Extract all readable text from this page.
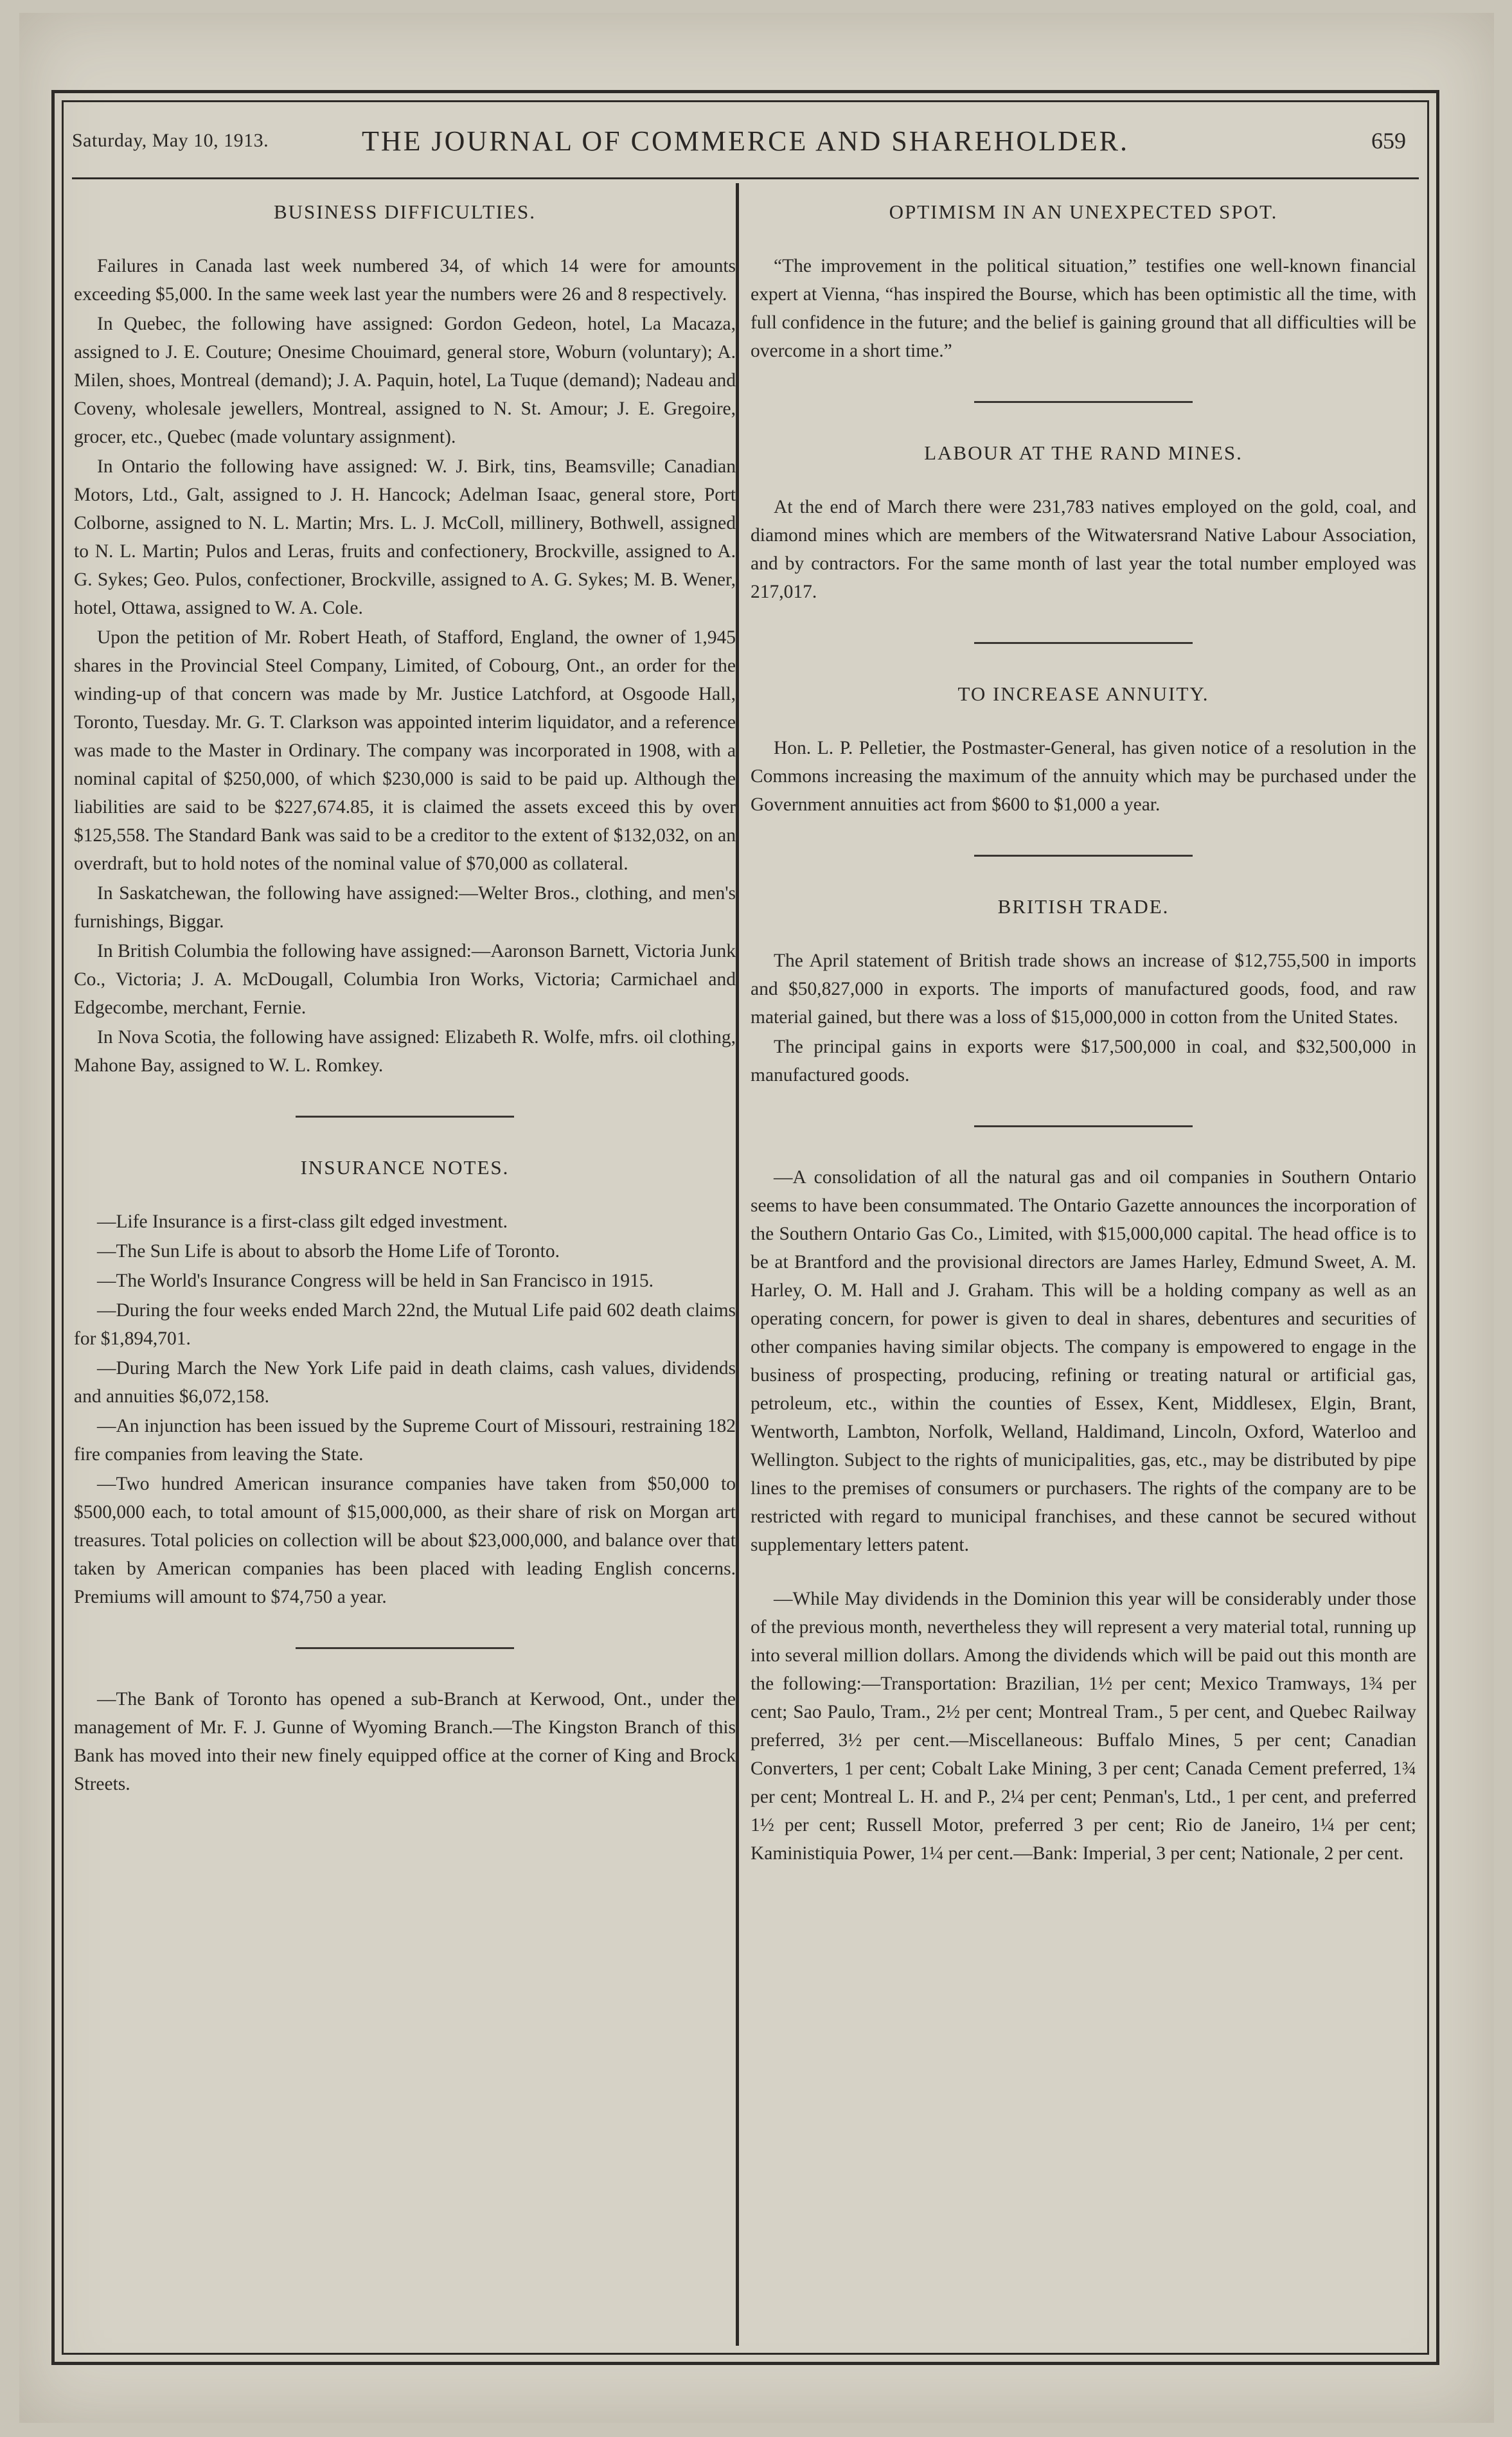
Saturday, May 10, 1913.	THE JOURNAL OF COMMERCE AND SHAREHOLDER.	659
BUSINESS DIFFICULTIES.

Failures in Canada last week numbered 34, of which 14 were for amounts exceeding $5,000. In the same week last year the numbers were 26 and 8 respectively.

In Quebec, the following have assigned: Gordon Gedeon, hotel, La Macaza, assigned to J. E. Couture; Onesime Chouimard, general store, Woburn (voluntary); A. Milen, shoes, Montreal (demand); J. A. Paquin, hotel, La Tuque (demand); Nadeau and Coveny, wholesale jewellers, Montreal, assigned to N. St. Amour; J. E. Gregoire, grocer, etc., Quebec (made voluntary assignment).

In Ontario the following have assigned: W. J. Birk, tins, Beamsville; Canadian Motors, Ltd., Galt, assigned to J. H. Hancock; Adelman Isaac, general store, Port Colborne, assigned to N. L. Martin; Mrs. L. J. McColl, millinery, Bothwell, assigned to N. L. Martin; Pulos and Leras, fruits and confectionery, Brockville, assigned to A. G. Sykes; Geo. Pulos, confectioner, Brockville, assigned to A. G. Sykes; M. B. Wener, hotel, Ottawa, assigned to W. A. Cole.

Upon the petition of Mr. Robert Heath, of Stafford, England, the owner of 1,945 shares in the Provincial Steel Company, Limited, of Cobourg, Ont., an order for the winding-up of that concern was made by Mr. Justice Latchford, at Osgoode Hall, Toronto, Tuesday. Mr. G. T. Clarkson was appointed interim liquidator, and a reference was made to the Master in Ordinary. The company was incorporated in 1908, with a nominal capital of $250,000, of which $230,000 is said to be paid up. Although the liabilities are said to be $227,674.85, it is claimed the assets exceed this by over $125,558. The Standard Bank was said to be a creditor to the extent of $132,032, on an overdraft, but to hold notes of the nominal value of $70,000 as collateral.

In Saskatchewan, the following have assigned:—Welter Bros., clothing, and men's furnishings, Biggar.

In British Columbia the following have assigned:—Aaronson Barnett, Victoria Junk Co., Victoria; J. A. McDougall, Columbia Iron Works, Victoria; Carmichael and Edgecombe, merchant, Fernie.

In Nova Scotia, the following have assigned: Elizabeth R. Wolfe, mfrs. oil clothing, Mahone Bay, assigned to W. L. Romkey.

INSURANCE NOTES.

—Life Insurance is a first-class gilt edged investment.

—The Sun Life is about to absorb the Home Life of Toronto.

—The World's Insurance Congress will be held in San Francisco in 1915.

—During the four weeks ended March 22nd, the Mutual Life paid 602 death claims for $1,894,701.

—During March the New York Life paid in death claims, cash values, dividends and annuities $6,072,158.

—An injunction has been issued by the Supreme Court of Missouri, restraining 182 fire companies from leaving the State.

—Two hundred American insurance companies have taken from $50,000 to $500,000 each, to total amount of $15,000,000, as their share of risk on Morgan art treasures. Total policies on collection will be about $23,000,000, and balance over that taken by American companies has been placed with leading English concerns. Premiums will amount to $74,750 a year.

—The Bank of Toronto has opened a sub-Branch at Kerwood, Ont., under the management of Mr. F. J. Gunne of Wyoming Branch.—The Kingston Branch of this Bank has moved into their new finely equipped office at the corner of King and Brock Streets.

OPTIMISM IN AN UNEXPECTED SPOT.

“The improvement in the political situation,” testifies one well-known financial expert at Vienna, “has inspired the Bourse, which has been optimistic all the time, with full confidence in the future; and the belief is gaining ground that all difficulties will be overcome in a short time.”

LABOUR AT THE RAND MINES.

At the end of March there were 231,783 natives employed on the gold, coal, and diamond mines which are members of the Witwatersrand Native Labour Association, and by contractors. For the same month of last year the total number employed was 217,017.

TO INCREASE ANNUITY.

Hon. L. P. Pelletier, the Postmaster-General, has given notice of a resolution in the Commons increasing the maximum of the annuity which may be purchased under the Government annuities act from $600 to $1,000 a year.

BRITISH TRADE.

The April statement of British trade shows an increase of $12,755,500 in imports and $50,827,000 in exports. The imports of manufactured goods, food, and raw material gained, but there was a loss of $15,000,000 in cotton from the United States.

The principal gains in exports were $17,500,000 in coal, and $32,500,000 in manufactured goods.

—A consolidation of all the natural gas and oil companies in Southern Ontario seems to have been consummated. The Ontario Gazette announces the incorporation of the Southern Ontario Gas Co., Limited, with $15,000,000 capital. The head office is to be at Brantford and the provisional directors are James Harley, Edmund Sweet, A. M. Harley, O. M. Hall and J. Graham. This will be a holding company as well as an operating concern, for power is given to deal in shares, debentures and securities of other companies having similar objects. The company is empowered to engage in the business of prospecting, producing, refining or treating natural or artificial gas, petroleum, etc., within the counties of Essex, Kent, Middlesex, Elgin, Brant, Wentworth, Lambton, Norfolk, Welland, Haldimand, Lincoln, Oxford, Waterloo and Wellington. Subject to the rights of municipalities, gas, etc., may be distributed by pipe lines to the premises of consumers or purchasers. The rights of the company are to be restricted with regard to municipal franchises, and these cannot be secured without supplementary letters patent.

—While May dividends in the Dominion this year will be considerably under those of the previous month, nevertheless they will represent a very material total, running up into several million dollars. Among the dividends which will be paid out this month are the following:—Transportation: Brazilian, 1½ per cent; Mexico Tramways, 1¾ per cent; Sao Paulo, Tram., 2½ per cent; Montreal Tram., 5 per cent, and Quebec Railway preferred, 3½ per cent.—Miscellaneous: Buffalo Mines, 5 per cent; Canadian Converters, 1 per cent; Cobalt Lake Mining, 3 per cent; Canada Cement preferred, 1¾ per cent; Montreal L. H. and P., 2¼ per cent; Penman's, Ltd., 1 per cent, and preferred 1½ per cent; Russell Motor, preferred 3 per cent; Rio de Janeiro, 1¼ per cent; Kaministiquia Power, 1¼ per cent.—Bank: Imperial, 3 per cent; Nationale, 2 per cent.
